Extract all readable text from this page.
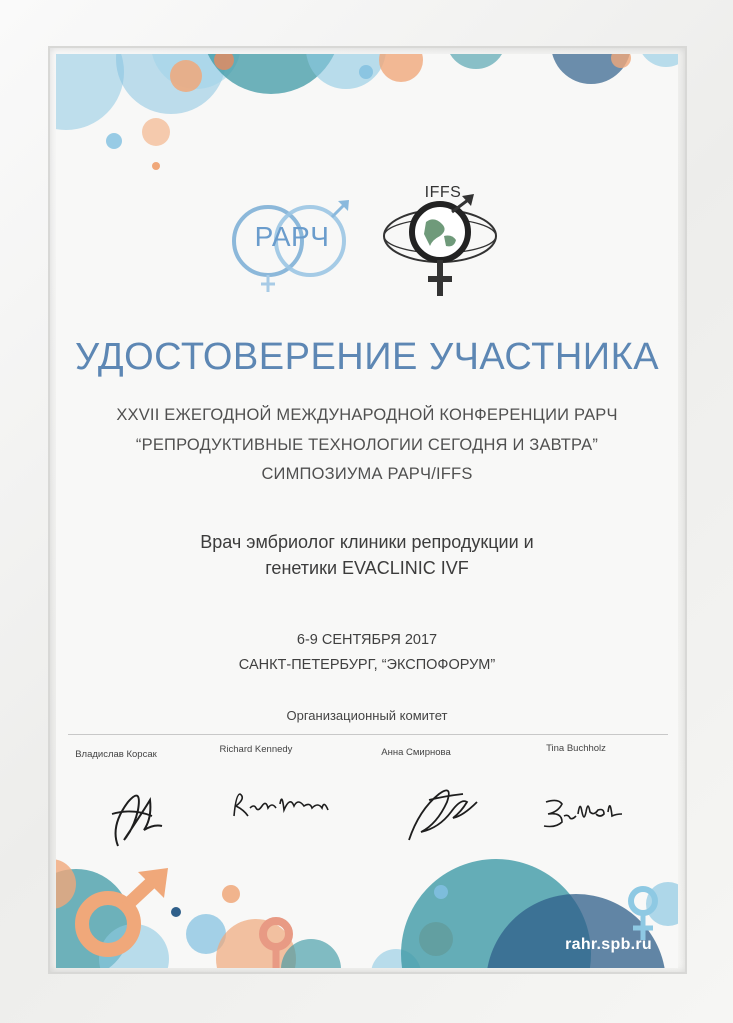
РАРЧ
IFFS
УДОСТОВЕРЕНИЕ УЧАСТНИКА
XXVII ЕЖЕГОДНОЙ МЕЖДУНАРОДНОЙ КОНФЕРЕНЦИИ РАРЧ
“РЕПРОДУКТИВНЫЕ ТЕХНОЛОГИИ СЕГОДНЯ И ЗАВТРА”
СИМПОЗИУМА РАРЧ/IFFS
Врач эмбриолог клиники репродукции и
генетики EVACLINIC IVF
6-9 СЕНТЯБРЯ 2017
САНКТ-ПЕТЕРБУРГ, “ЭКСПОФОРУМ”
Организационный комитет
Владислав Корсак	Richard Kennedy	Анна Смирнова	Tina Buchholz
rahr.spb.ru
